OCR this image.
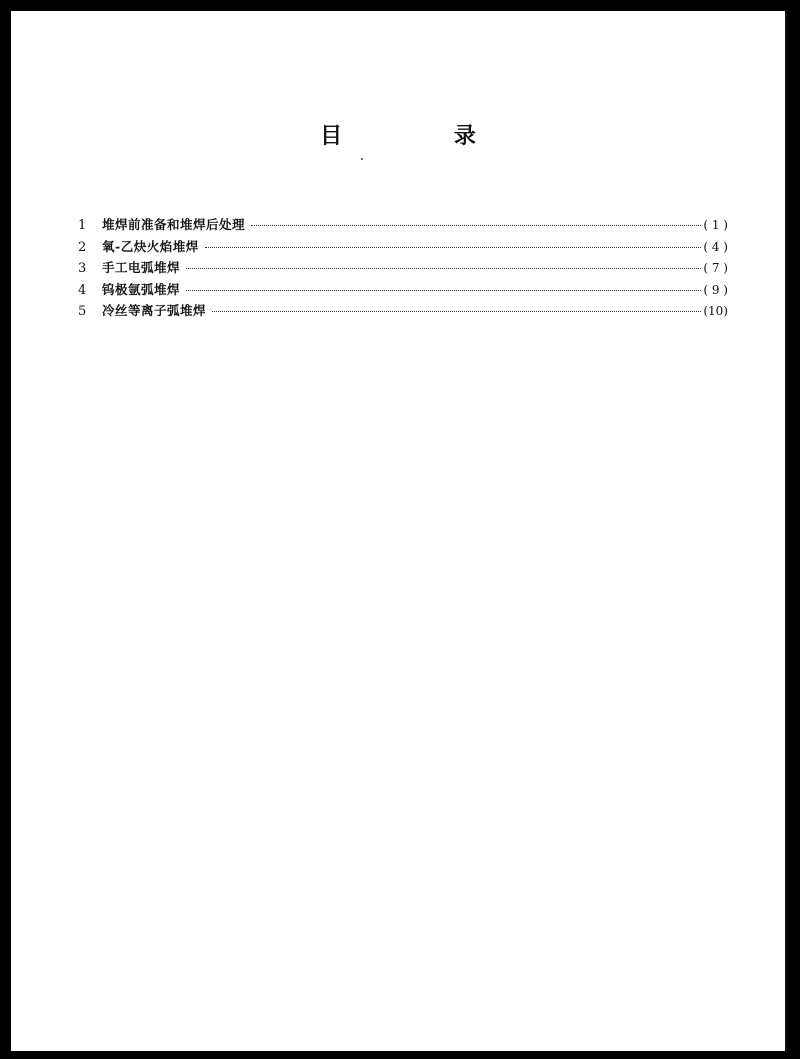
目 录
1	堆焊前准备和堆焊后处理	( 1 )
2	氧-乙炔火焰堆焊	( 4 )
3	手工电弧堆焊	( 7 )
4	钨极氩弧堆焊	( 9 )
5	冷丝等离子弧堆焊	(10)
